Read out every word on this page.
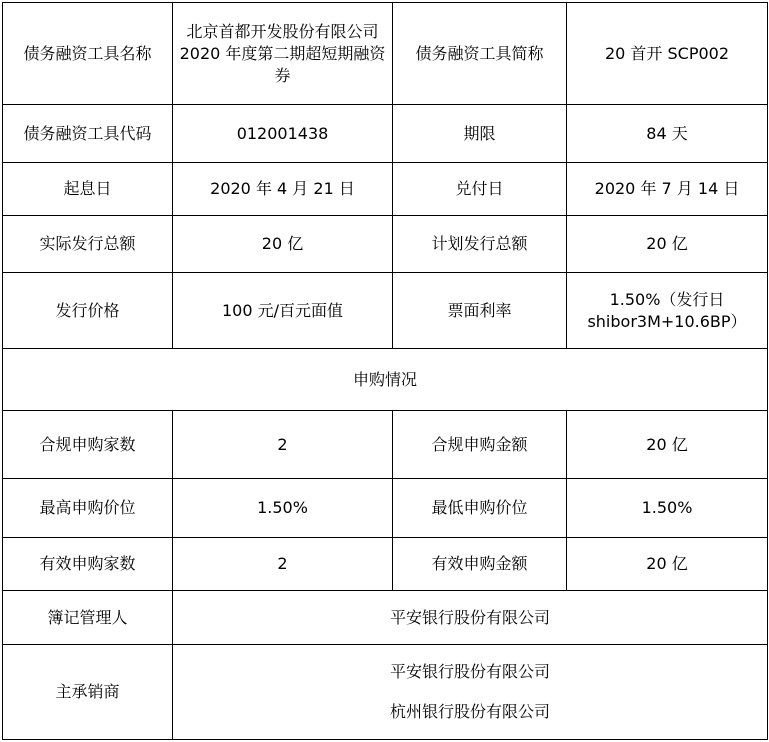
债务融资工具名称	北京首都开发股份有限公司 2020 年度第二期超短期融资券	债务融资工具简称	20 首开 SCP002
债务融资工具代码	012001438	期限	84 天
起息日	2020 年 4 月 21 日	兑付日	2020 年 7 月 14 日
实际发行总额	20 亿	计划发行总额	20 亿
发行价格	100 元/百元面值	票面利率	1.50%（发行日 shibor3M+10.6BP）
申购情况			
合规申购家数	2	合规申购金额	20 亿
最高申购价位	1.50%	最低申购价位	1.50%
有效申购家数	2	有效申购金额	20 亿
簿记管理人	平安银行股份有限公司		
主承销商	平安银行股份有限公司
杭州银行股份有限公司		
